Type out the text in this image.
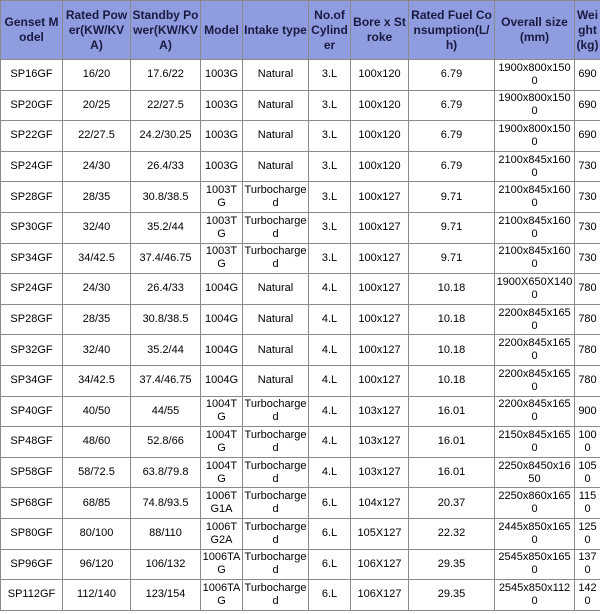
Genset Model	Rated Power(KW/KVA)	Standby Power(KW/KVA)	Model	Intake type	No.of Cylinder	Bore x Stroke	Rated Fuel Consumption(L/h)	Overall size(mm)	Weight (kg)
SP16GF	16/20	17.6/22	1003G	Natural	3.L	100x120	6.79	1900x800x1500	690
SP20GF	20/25	22/27.5	1003G	Natural	3.L	100x120	6.79	1900x800x1500	690
SP22GF	22/27.5	24.2/30.25	1003G	Natural	3.L	100x120	6.79	1900x800x1500	690
SP24GF	24/30	26.4/33	1003G	Natural	3.L	100x120	6.79	2100x845x1600	730
SP28GF	28/35	30.8/38.5	1003TG	Turbocharged	3.L	100x127	9.71	2100x845x1600	730
SP30GF	32/40	35.2/44	1003TG	Turbocharged	3.L	100x127	9.71	2100x845x1600	730
SP34GF	34/42.5	37.4/46.75	1003TG	Turbocharged	3.L	100x127	9.71	2100x845x1600	730
SP24GF	24/30	26.4/33	1004G	Natural	4.L	100x127	10.18	1900X650X1400	780
SP28GF	28/35	30.8/38.5	1004G	Natural	4.L	100x127	10.18	2200x845x1650	780
SP32GF	32/40	35.2/44	1004G	Natural	4.L	100x127	10.18	2200x845x1650	780
SP34GF	34/42.5	37.4/46.75	1004G	Natural	4.L	100x127	10.18	2200x845x1650	780
SP40GF	40/50	44/55	1004TG	Turbocharged	4.L	103x127	16.01	2200x845x1650	900
SP48GF	48/60	52.8/66	1004TG	Turbocharged	4.L	103x127	16.01	2150x845x1650	1000
SP58GF	58/72.5	63.8/79.8	1004TG	Turbocharged	4.L	103x127	16.01	2250x8450x1650	1050
SP68GF	68/85	74.8/93.5	1006TG1A	Turbocharged	6.L	104x127	20.37	2250x860x1650	1150
SP80GF	80/100	88/110	1006TG2A	Turbocharged	6.L	105X127	22.32	2445x850x1650	1250
SP96GF	96/120	106/132	1006TAG	Turbocharged	6.L	106X127	29.35	2545x850x1650	1370
SP112GF	112/140	123/154	1006TAG	Turbocharged	6.L	106X127	29.35	2545x850x1120	1420
